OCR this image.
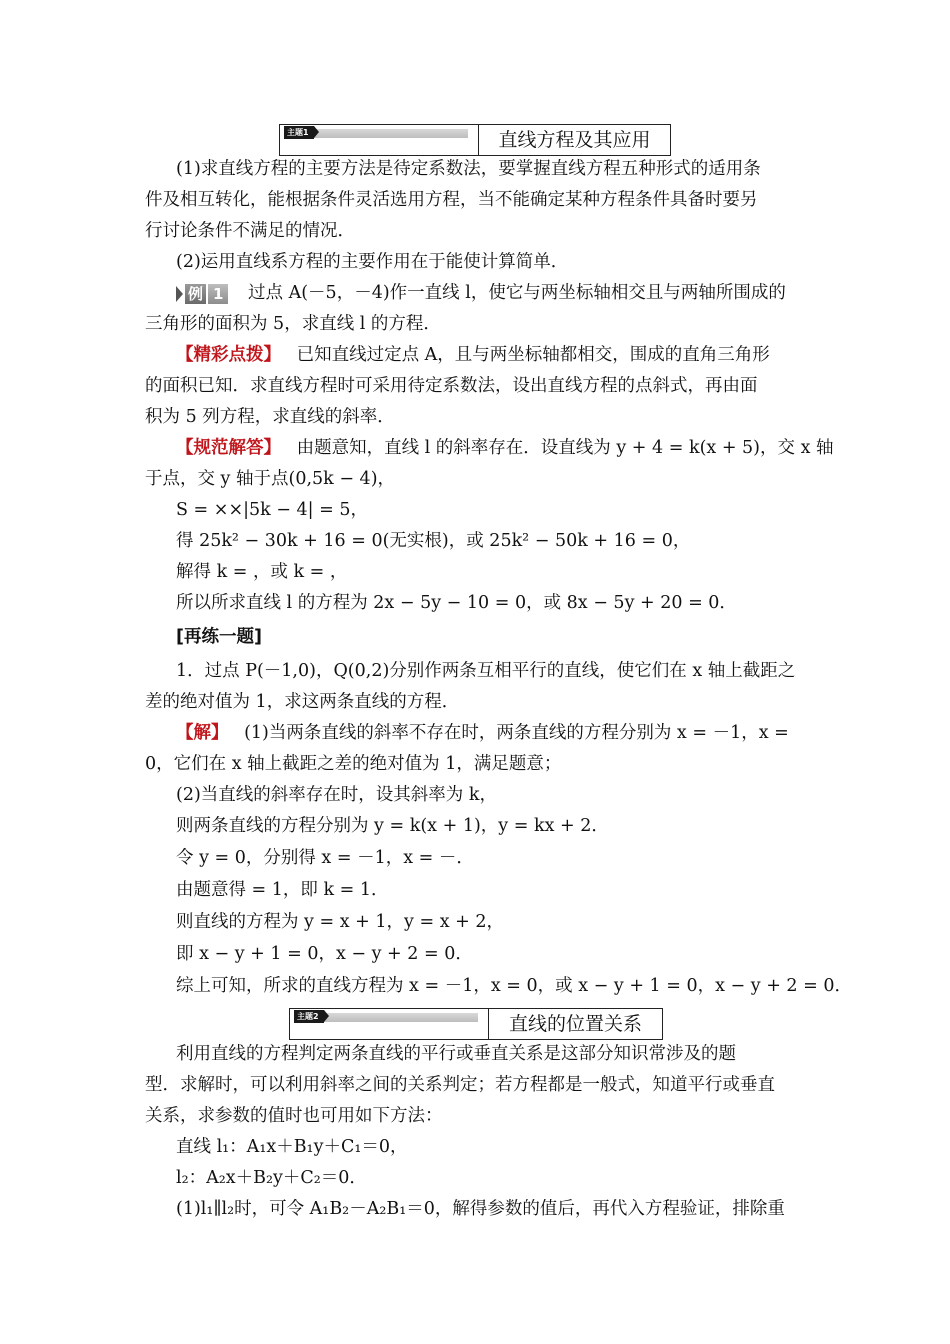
主题1	直线方程及其应用
(1)求直线方程的主要方法是待定系数法，要掌握直线方程五种形式的适用条
件及相互转化，能根据条件灵活选用方程，当不能确定某种方程条件具备时要另
行讨论条件不满足的情况．
(2)运用直线系方程的主要作用在于能使计算简单．
例 1 过点 A(－5，－4)作一直线 l，使它与两坐标轴相交且与两轴所围成的
三角形的面积为 5，求直线 l 的方程．
【精彩点拨】 已知直线过定点 A，且与两坐标轴都相交，围成的直角三角形
的面积已知．求直线方程时可采用待定系数法，设出直线方程的点斜式，再由面
积为 5 列方程，求直线的斜率．
【规范解答】 由题意知，直线 l 的斜率存在．设直线为 y + 4 = k(x + 5)，交 x 轴
于点，交 y 轴于点(0,5k − 4)，
S = ××|5k − 4| = 5，
得 25k² − 30k + 16 = 0(无实根)，或 25k² − 50k + 16 = 0，
解得 k = ，或 k = ，
所以所求直线 l 的方程为 2x − 5y − 10 = 0，或 8x − 5y + 20 = 0．
[再练一题]
1．过点 P(－1,0)，Q(0,2)分别作两条互相平行的直线，使它们在 x 轴上截距之
差的绝对值为 1，求这两条直线的方程．
【解】 (1)当两条直线的斜率不存在时，两条直线的方程分别为 x = －1，x =
0，它们在 x 轴上截距之差的绝对值为 1，满足题意；
(2)当直线的斜率存在时，设其斜率为 k，
则两条直线的方程分别为 y = k(x + 1)，y = kx + 2．
令 y = 0，分别得 x = －1，x = －．
由题意得 = 1，即 k = 1．
则直线的方程为 y = x + 1，y = x + 2，
即 x − y + 1 = 0，x − y + 2 = 0．
综上可知，所求的直线方程为 x = －1，x = 0，或 x − y + 1 = 0，x − y + 2 = 0．
主题2	直线的位置关系
利用直线的方程判定两条直线的平行或垂直关系是这部分知识常涉及的题
型．求解时，可以利用斜率之间的关系判定；若方程都是一般式，知道平行或垂直
关系，求参数的值时也可用如下方法：
直线 l₁：A₁x＋B₁y＋C₁＝0，
l₂：A₂x＋B₂y＋C₂＝0．
(1)l₁∥l₂时，可令 A₁B₂－A₂B₁＝0，解得参数的值后，再代入方程验证，排除重
